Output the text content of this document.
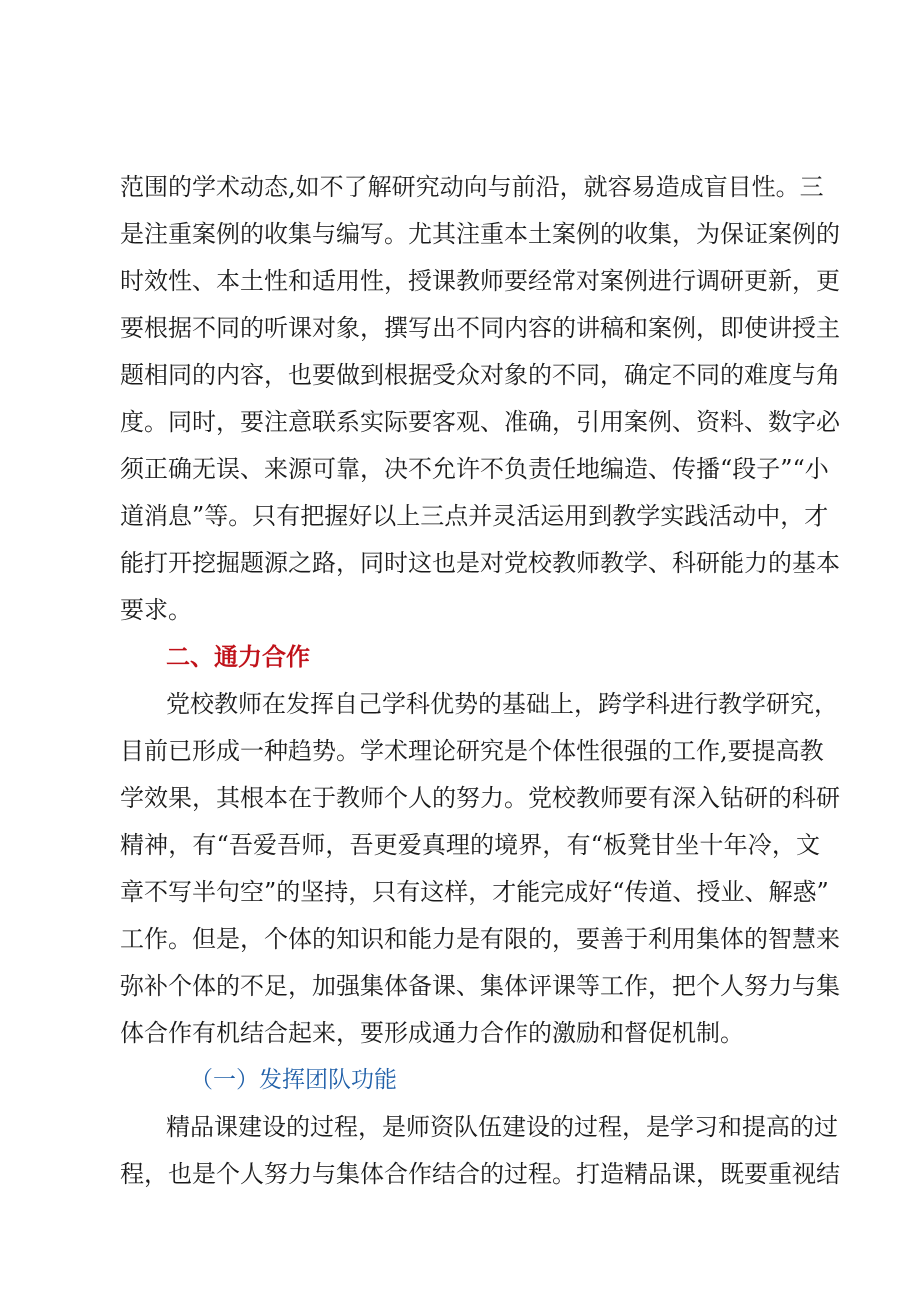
范围的学术动态,如不了解研究动向与前沿，就容易造成盲目性。三
是注重案例的收集与编写。尤其注重本土案例的收集，为保证案例的
时效性、本土性和适用性，授课教师要经常对案例进行调研更新，更
要根据不同的听课对象，撰写出不同内容的讲稿和案例，即使讲授主
题相同的内容，也要做到根据受众对象的不同，确定不同的难度与角
度。同时，要注意联系实际要客观、准确，引用案例、资料、数字必
须正确无误、来源可靠，决不允许不负责任地编造、传播“段子”“小
道消息”等。只有把握好以上三点并灵活运用到教学实践活动中，才
能打开挖掘题源之路，同时这也是对党校教师教学、科研能力的基本
要求。
二、通力合作
党校教师在发挥自己学科优势的基础上，跨学科进行教学研究，
目前已形成一种趋势。学术理论研究是个体性很强的工作,要提高教
学效果，其根本在于教师个人的努力。党校教师要有深入钻研的科研
精神，有“吾爱吾师，吾更爱真理的境界，有“板凳甘坐十年冷，文
章不写半句空”的坚持，只有这样，才能完成好“传道、授业、解惑”
工作。但是，个体的知识和能力是有限的，要善于利用集体的智慧来
弥补个体的不足，加强集体备课、集体评课等工作，把个人努力与集
体合作有机结合起来，要形成通力合作的激励和督促机制。
（一）发挥团队功能
精品课建设的过程，是师资队伍建设的过程，是学习和提高的过
程，也是个人努力与集体合作结合的过程。打造精品课，既要重视结
